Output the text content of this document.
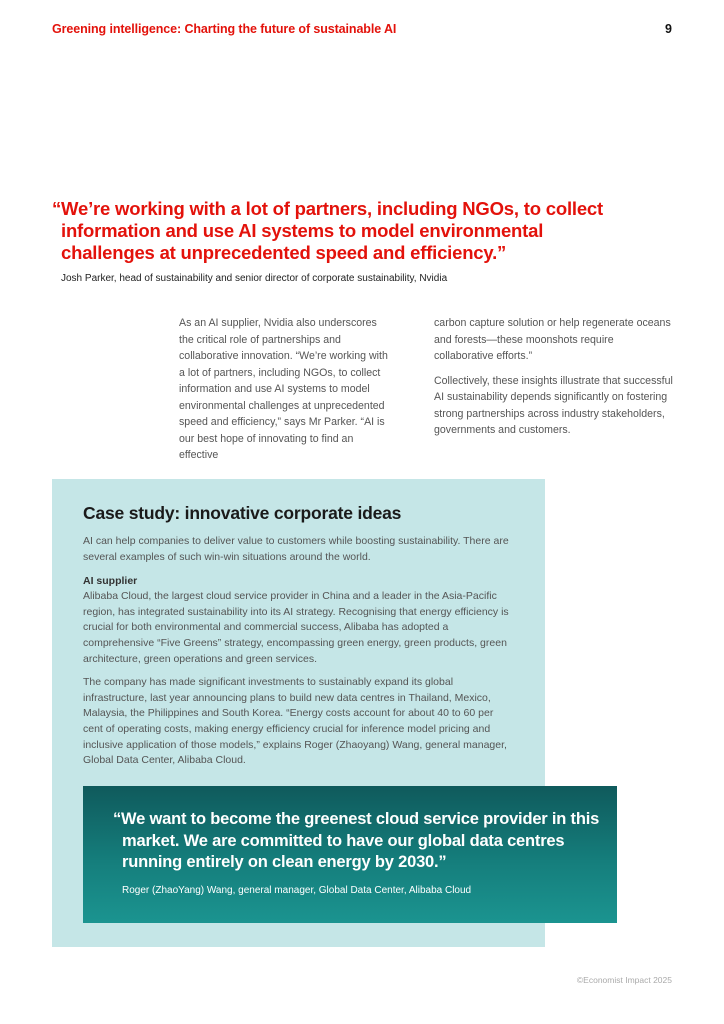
Greening intelligence: Charting the future of sustainable AI	9
“We’re working with a lot of partners, including NGOs, to collect information and use AI systems to model environmental challenges at unprecedented speed and efficiency.”
Josh Parker, head of sustainability and senior director of corporate sustainability, Nvidia

As an AI supplier, Nvidia also underscores the critical role of partnerships and collaborative innovation. “We’re working with a lot of partners, including NGOs, to collect information and use AI systems to model environmental challenges at unprecedented speed and efficiency,” says Mr Parker. “AI is our best hope of innovating to find an effective

carbon capture solution or help regenerate oceans and forests—these moonshots require collaborative efforts.”

Collectively, these insights illustrate that successful AI sustainability depends significantly on fostering strong partnerships across industry stakeholders, governments and customers.

Case study: innovative corporate ideas
AI can help companies to deliver value to customers while boosting sustainability. There are several examples of such win-win situations around the world.
AI supplier
Alibaba Cloud, the largest cloud service provider in China and a leader in the Asia-Pacific region, has integrated sustainability into its AI strategy. Recognising that energy efficiency is crucial for both environmental and commercial success, Alibaba has adopted a comprehensive “Five Greens” strategy, encompassing green energy, green products, green architecture, green operations and green services.
The company has made significant investments to sustainably expand its global infrastructure, last year announcing plans to build new data centres in Thailand, Mexico, Malaysia, the Philippines and South Korea. “Energy costs account for about 40 to 60 per cent of operating costs, making energy efficiency crucial for inference model pricing and inclusive application of those models,” explains Roger (Zhaoyang) Wang, general manager, Global Data Center, Alibaba Cloud.
“We want to become the greenest cloud service provider in this market. We are committed to have our global data centres running entirely on clean energy by 2030.”
Roger (ZhaoYang) Wang, general manager, Global Data Center, Alibaba Cloud
©Economist Impact 2025
